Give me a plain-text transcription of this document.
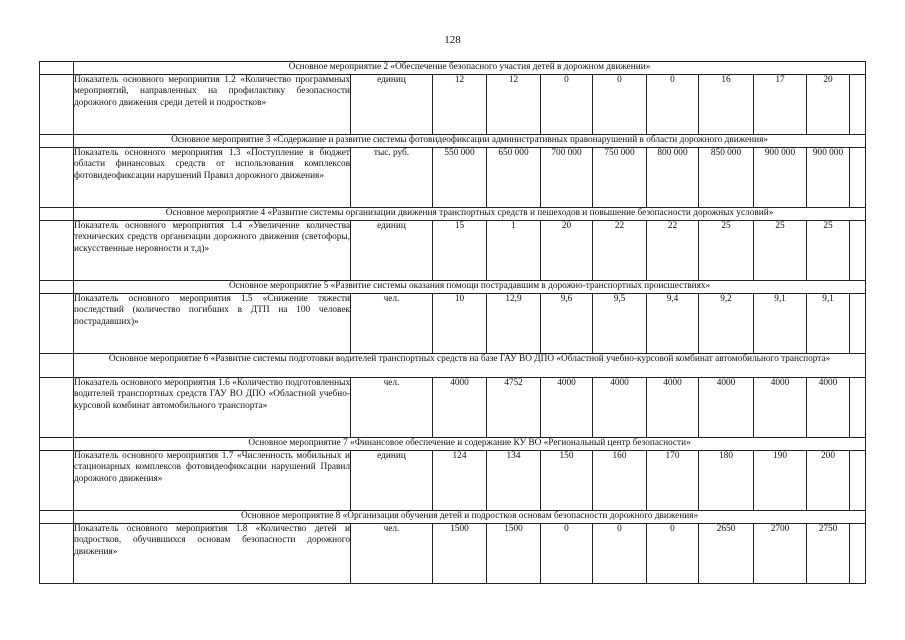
128
	Основное мероприятие 2 «Обеспечение безопасного участия детей в дорожном движении»										
	Показатель основного мероприятия 1.2 «Количество программных мероприятий, направленных на профилактику безопасности дорожного движения среди детей и подростков»	единиц	12	12	0	0	0	16	17	20	
	Основное мероприятие 3 «Содержание и развитие системы фотовидеофиксации административных правонарушений в области дорожного движения»										
	Показатель основного мероприятия 1.3 «Поступление в бюджет области финансовых средств от использования комплексов фотовидеофиксации нарушений Правил дорожного движения»	тыс. руб.	550 000	650 000	700 000	750 000	800 000	850 000	900 000	900 000	
	Основное мероприятие 4 «Развитие системы организации движения транспортных средств и пешеходов и повышение безопасности дорожных условий»										
	Показатель основного мероприятия 1.4 «Увеличение количества технических средств организации дорожного движения (светофоры, искусственные неровности и т.д)»	единиц	15	1	20	22	22	25	25	25	
	Основное мероприятие 5 «Развитие системы оказания помощи пострадавшим в дорожно-транспортных происшествиях»										
	Показатель основного мероприятия 1.5 «Снижение тяжести последствий (количество погибших в ДТП на 100 человек пострадавших)»	чел.	10	12,9	9,6	9,5	9,4	9,2	9,1	9,1	
	Основное мероприятие 6 «Развитие системы подготовки водителей транспортных средств на базе ГАУ ВО ДПО «Областной учебно-курсовой комбинат автомобильного транспорта»										
	Показатель основного мероприятия 1.6 «Количество подготовленных водителей транспортных средств ГАУ ВО ДПО «Областной учебно-курсовой комбинат автомобильного транспорта»	чел.	4000	4752	4000	4000	4000	4000	4000	4000	
	Основное мероприятие 7 «Финансовое обеспечение и содержание КУ ВО «Региональный центр безопасности»										
	Показатель основного мероприятия 1.7 «Численность мобильных и стационарных комплексов фотовидеофиксации нарушений Правил дорожного движения»	единиц	124	134	150	160	170	180	190	200	
	Основное мероприятие 8 «Организация обучения детей и подростков основам безопасности дорожного движения»										
	Показатель основного мероприятия 1.8 «Количество детей и подростков, обучившихся основам безопасности дорожного движения»	чел.	1500	1500	0	0	0	2650	2700	2750	
